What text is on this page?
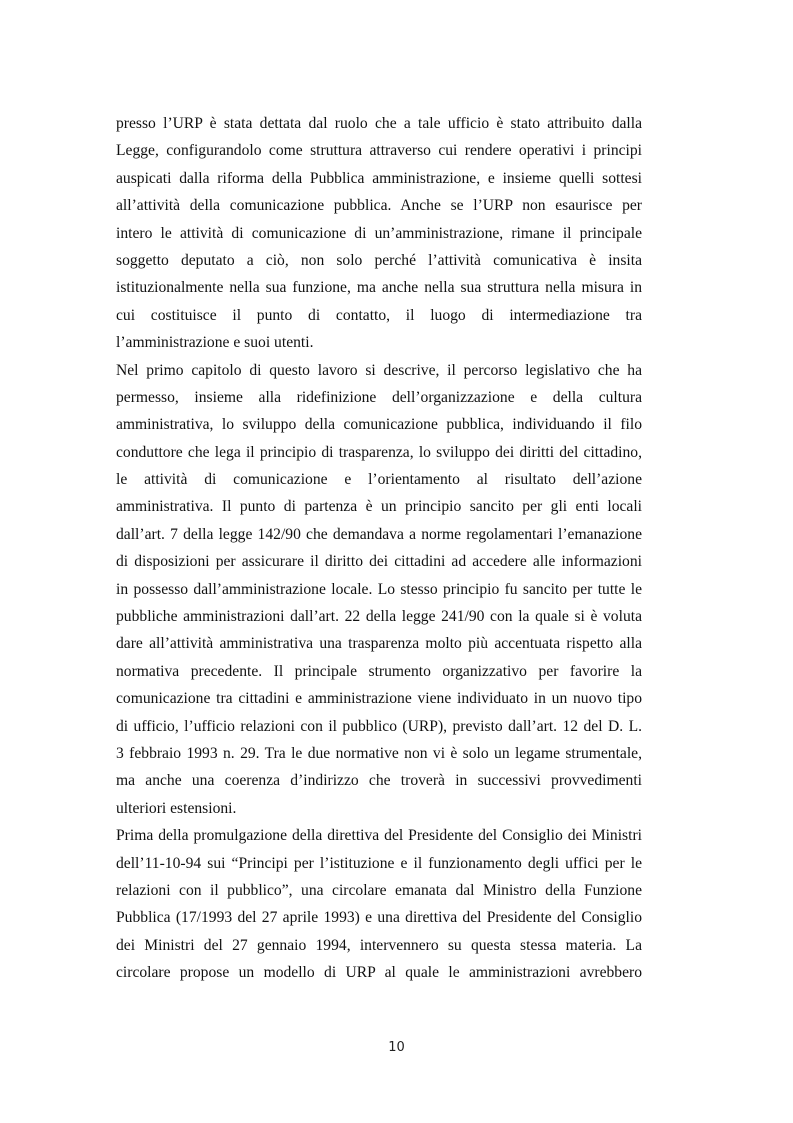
presso l’URP è stata dettata dal ruolo che a tale ufficio è stato attribuito dalla
Legge, configurandolo come struttura attraverso cui rendere operativi i principi
auspicati dalla riforma della Pubblica amministrazione, e insieme quelli sottesi
all’attività della comunicazione pubblica. Anche se l’URP non esaurisce per
intero le attività di comunicazione di un’amministrazione, rimane il principale
soggetto deputato a ciò, non solo perché l’attività comunicativa è insita
istituzionalmente nella sua funzione, ma anche nella sua struttura nella misura in
cui costituisce il punto di contatto, il luogo di intermediazione tra
l’amministrazione e suoi utenti.
Nel primo capitolo di questo lavoro si descrive, il percorso legislativo che ha
permesso, insieme alla ridefinizione dell’organizzazione e della cultura
amministrativa, lo sviluppo della comunicazione pubblica, individuando il filo
conduttore che lega il principio di trasparenza, lo sviluppo dei diritti del cittadino,
le attività di comunicazione e l’orientamento al risultato dell’azione
amministrativa. Il punto di partenza è un principio sancito per gli enti locali
dall’art. 7 della legge 142/90 che demandava a norme regolamentari l’emanazione
di disposizioni per assicurare il diritto dei cittadini ad accedere alle informazioni
in possesso dall’amministrazione locale. Lo stesso principio fu sancito per tutte le
pubbliche amministrazioni dall’art. 22 della legge 241/90 con la quale si è voluta
dare all’attività amministrativa una trasparenza molto più accentuata rispetto alla
normativa precedente. Il principale strumento organizzativo per favorire la
comunicazione tra cittadini e amministrazione viene individuato in un nuovo tipo
di ufficio, l’ufficio relazioni con il pubblico (URP), previsto dall’art. 12 del D. L.
3 febbraio 1993 n. 29. Tra le due normative non vi è solo un legame strumentale,
ma anche una coerenza d’indirizzo che troverà in successivi provvedimenti
ulteriori estensioni.
Prima della promulgazione della direttiva del Presidente del Consiglio dei Ministri
dell’11-10-94 sui “Principi per l’istituzione e il funzionamento degli uffici per le
relazioni con il pubblico”, una circolare emanata dal Ministro della Funzione
Pubblica (17/1993 del 27 aprile 1993) e una direttiva del Presidente del Consiglio
dei Ministri del 27 gennaio 1994, intervennero su questa stessa materia. La
circolare propose un modello di URP al quale le amministrazioni avrebbero
10
